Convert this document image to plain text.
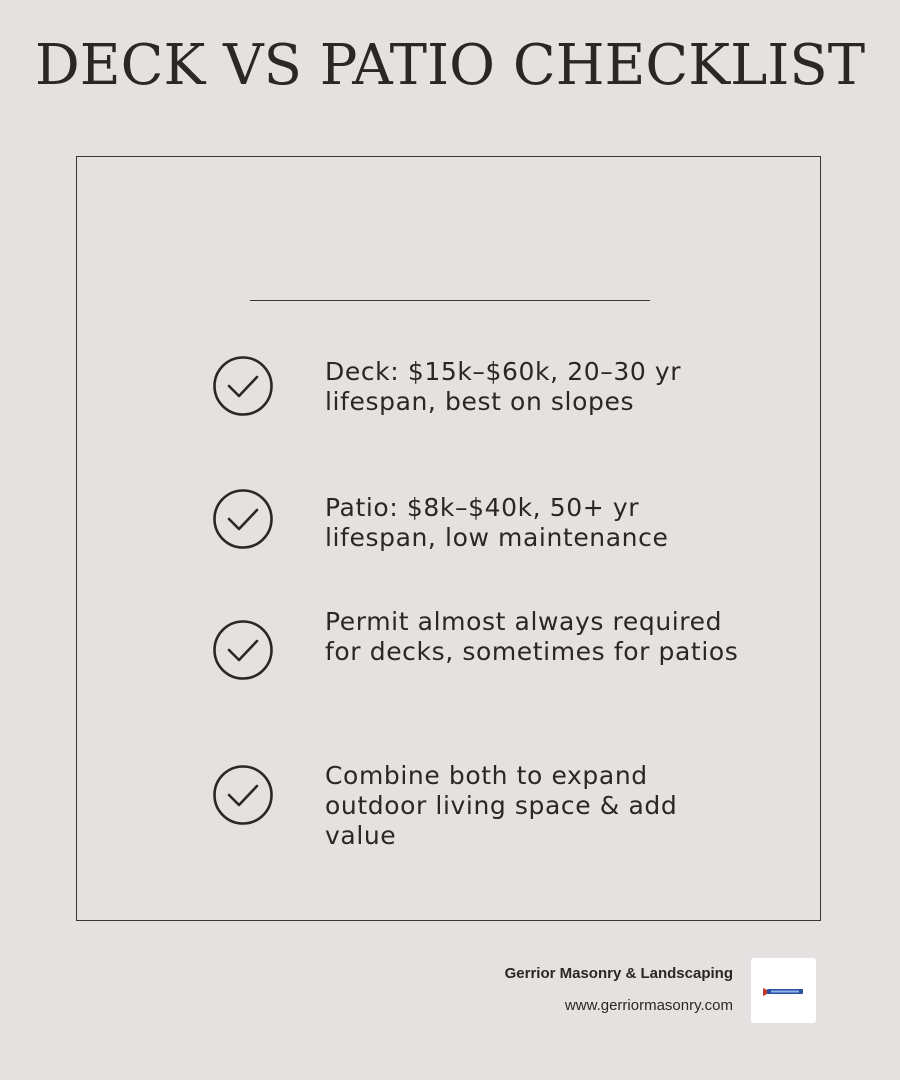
DECK VS PATIO CHECKLIST
Deck: $15k–$60k, 20–30 yr lifespan, best on slopes
Patio: $8k–$40k, 50+ yr lifespan, low maintenance
Permit almost always required for decks, sometimes for patios
Combine both to expand outdoor living space & add value
Gerrior Masonry & Landscaping
www.gerriormasonry.com
